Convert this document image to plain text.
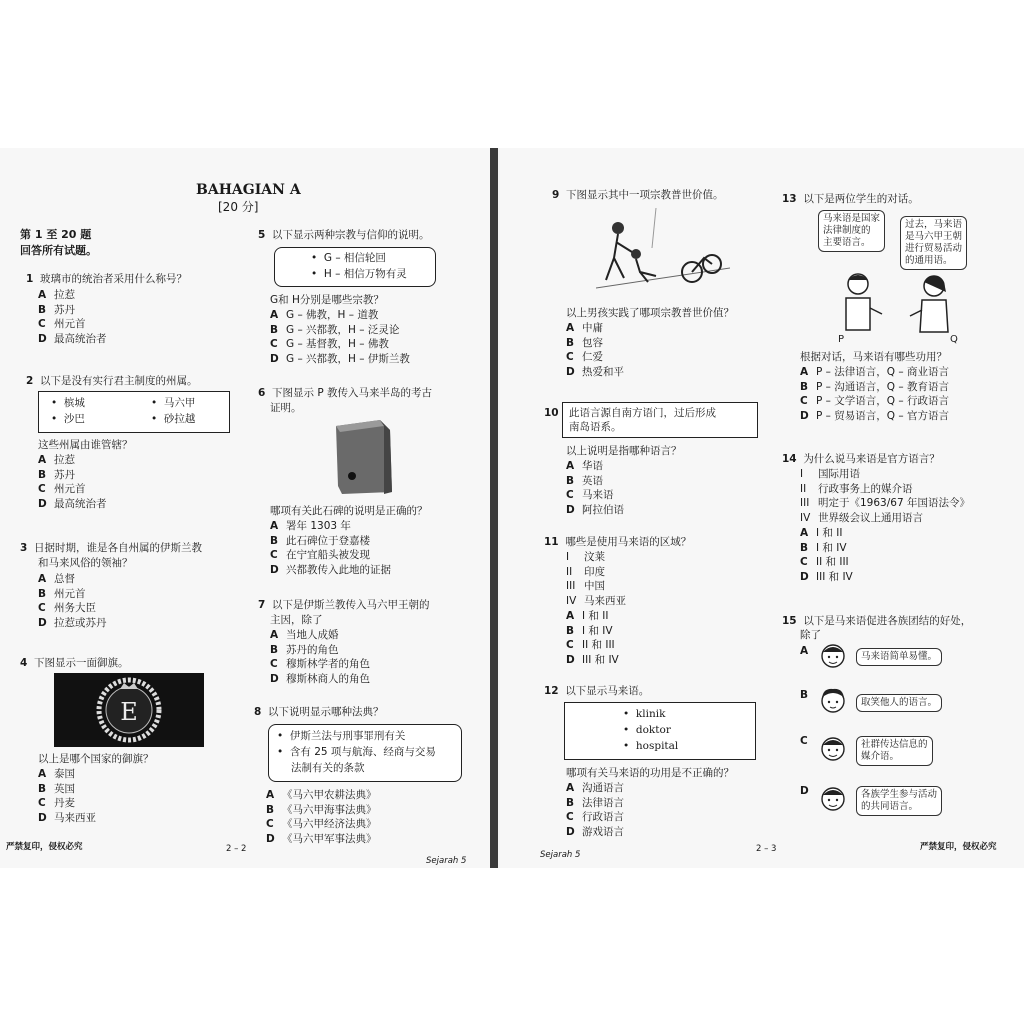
BAHAGIAN A
[20 分]
第 1 至 20 题
回答所有试题。
1 玻璃市的统治者采用什么称号？
A 拉惹
B 苏丹
C 州元首
D 最高统治者
2 以下是没有实行君主制度的州属。
•  槟城	•  马六甲
•  沙巴	•  砂拉越
这些州属由谁管辖？
A 拉惹
B 苏丹
C 州元首
D 最高统治者
3 日据时期，谁是各自州属的伊斯兰教
和马来风俗的领袖？
A 总督
B 州元首
C 州务大臣
D 拉惹或苏丹
4 下图显示一面御旗。
E
以上是哪个国家的御旗？
A 泰国
B 英国
C 丹麦
D 马来西亚
5 以下显示两种宗教与信仰的说明。
•  G – 相信轮回
•  H – 相信万物有灵
G和 H分别是哪些宗教？
A G – 佛教，H – 道教
B G – 兴都教，H – 泛灵论
C G – 基督教，H – 佛教
D G – 兴都教，H – 伊斯兰教
6 下图显示 P 教传入马来半岛的考古
证明。
哪项有关此石碑的说明是正确的？
A 署年 1303 年
B 此石碑位于登嘉楼
C 在宁宜船头被发现
D 兴都教传入此地的证据
7 以下是伊斯兰教传入马六甲王朝的
主因，除了
A 当地人成婚
B 苏丹的角色
C 穆斯林学者的角色
D 穆斯林商人的角色
8 以下说明显示哪种法典？
•  伊斯兰法与刑事罪刑有关
•  含有 25 项与航海、经商与交易
法制有关的条款
A 《马六甲农耕法典》
B 《马六甲海事法典》
C 《马六甲经济法典》
D 《马六甲军事法典》
严禁复印，侵权必究	2 – 2
Sejarah 5
9 下图显示其中一项宗教普世价值。
以上男孩实践了哪项宗教普世价值？
A 中庸
B 包容
C 仁爱
D 热爱和平
10 此语言源自南方语门，过后形成
南岛语系。
以上说明是指哪种语言？
A 华语
B 英语
C 马来语
D 阿拉伯语
11 哪些是使用马来语的区域？
I 汶莱
II 印度
III 中国
IV 马来西亚
A I 和 II
B I 和 IV
C II 和 III
D III 和 IV
12 以下显示马来语。
•  klinik
•  doktor
•  hospital
哪项有关马来语的功用是不正确的？
A 沟通语言
B 法律语言
C 行政语言
D 游戏语言
13 以下是两位学生的对话。
马来语是国家
法律制度的
主要语言。
过去，马来语
是马六甲王朝
进行贸易活动
的通用语。
P	Q
根据对话，马来语有哪些功用？
A P – 法律语言，Q – 商业语言
B P – 沟通语言，Q – 教育语言
C P – 文学语言，Q – 行政语言
D P – 贸易语言，Q – 官方语言
14 为什么说马来语是官方语言？
I 国际用语
II 行政事务上的媒介语
III 明定于《1963/67 年国语法令》
IV 世界级会议上通用语言
A I 和 II
B I 和 IV
C II 和 III
D III 和 IV
15 以下是马来语促进各族团结的好处，
除了
A	马来语简单易懂。
B
取笑他人的语言。
C	社群传达信息的
媒介语。
D	各族学生参与活动
的共同语言。
Sejarah 5
2 – 3	严禁复印，侵权必究
